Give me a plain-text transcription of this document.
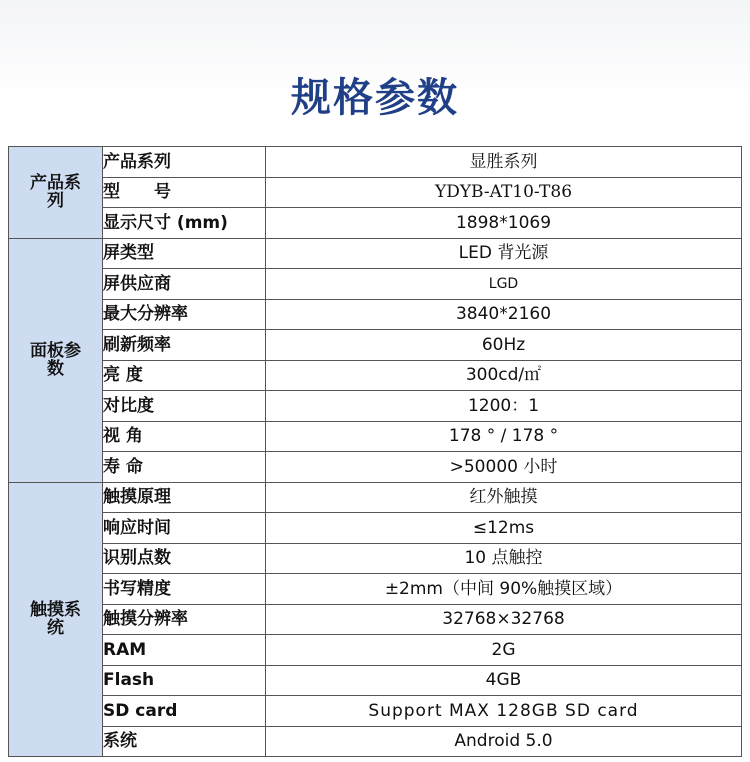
规格参数
产品系列	产品系列	显胜系列
	型　　号	YDYB-AT10-T86
	显示尺寸 (mm)	1898*1069
面板参数	屏类型	LED 背光源
	屏供应商	LGD
	最大分辨率	3840*2160
	刷新频率	60Hz
	亮 度	300cd/㎡
	对比度	1200：1
	视 角	178 ° / 178 °
	寿 命	>50000 小时
触摸系统	触摸原理	红外触摸
	响应时间	≤12ms
	识别点数	10 点触控
	书写精度	±2mm（中间 90%触摸区域）
	触摸分辨率	32768×32768
	RAM	2G
	Flash	4GB
	SD card	Support MAX 128GB SD card
	系统	Android 5.0
